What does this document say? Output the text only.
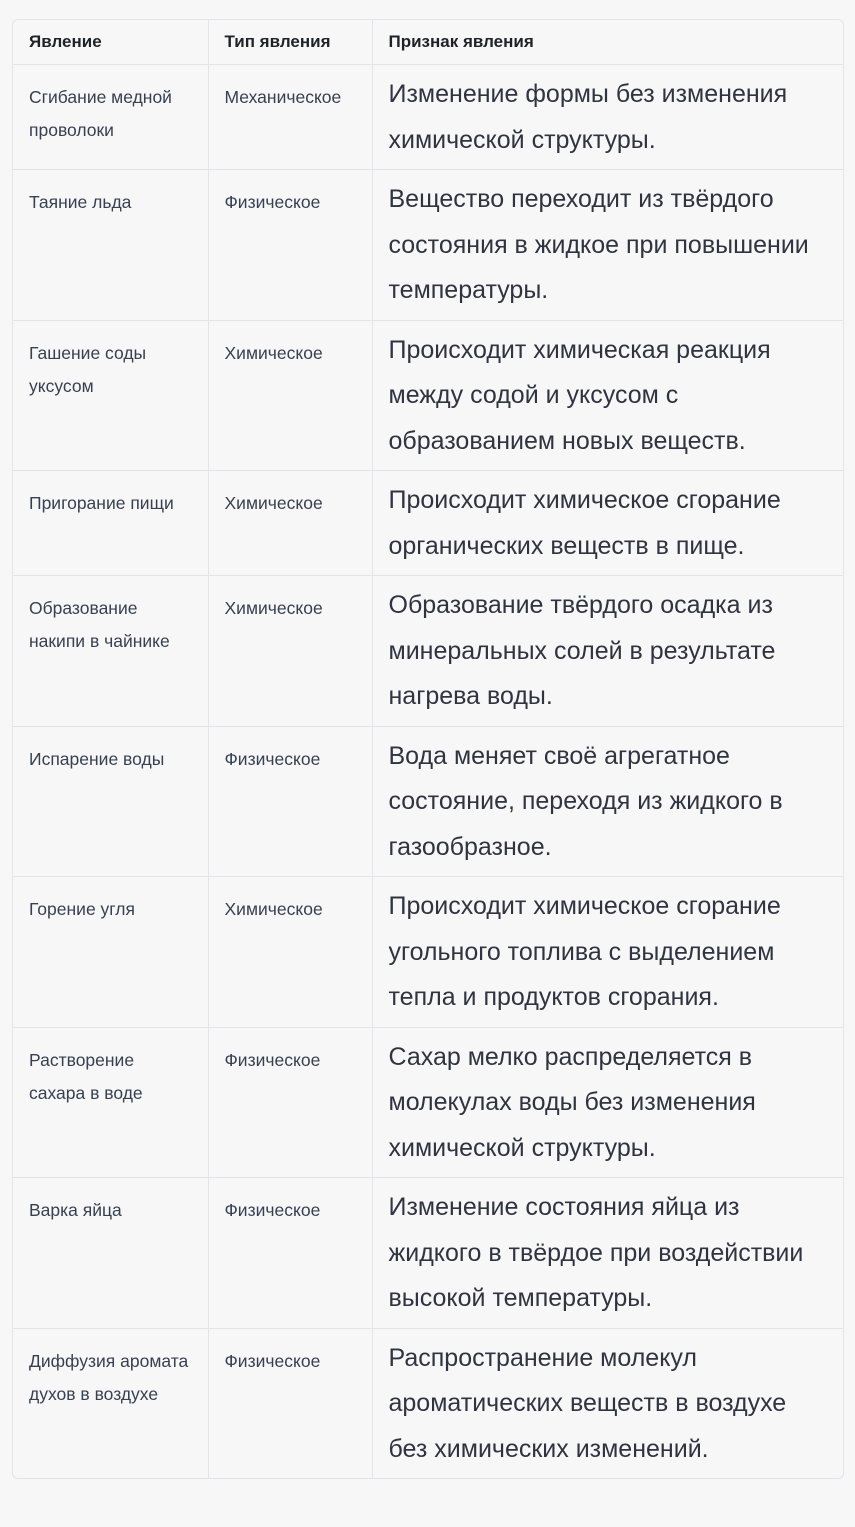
Явление	Тип явления	Признак явления
Сгибание медной проволоки	Механическое	Изменение формы без изменения химической структуры.
Таяние льда	Физическое	Вещество переходит из твёрдого состояния в жидкое при повышении температуры.
Гашение соды уксусом	Химическое	Происходит химическая реакция между содой и уксусом с образованием новых веществ.
Пригорание пищи	Химическое	Происходит химическое сгорание органических веществ в пище.
Образование накипи в чайнике	Химическое	Образование твёрдого осадка из минеральных солей в результате нагрева воды.
Испарение воды	Физическое	Вода меняет своё агрегатное состояние, переходя из жидкого в газообразное.
Горение угля	Химическое	Происходит химическое сгорание угольного топлива с выделением тепла и продуктов сгорания.
Растворение сахара в воде	Физическое	Сахар мелко распределяется в молекулах воды без изменения химической структуры.
Варка яйца	Физическое	Изменение состояния яйца из жидкого в твёрдое при воздействии высокой температуры.
Диффузия аромата духов в воздухе	Физическое	Распространение молекул ароматических веществ в воздухе без химических изменений.
